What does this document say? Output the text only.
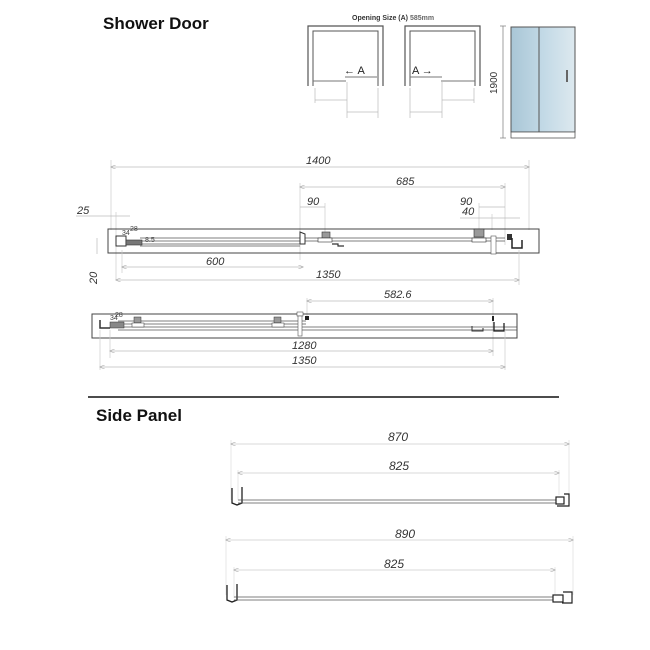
Shower Door
Side Panel
Opening Size (A) 585mm
← A	A →
1900
1400
685
90	90
40
25
20
28
34
8.5
600
1350
582.6
28
34
1280
1350
870
825
890
825
